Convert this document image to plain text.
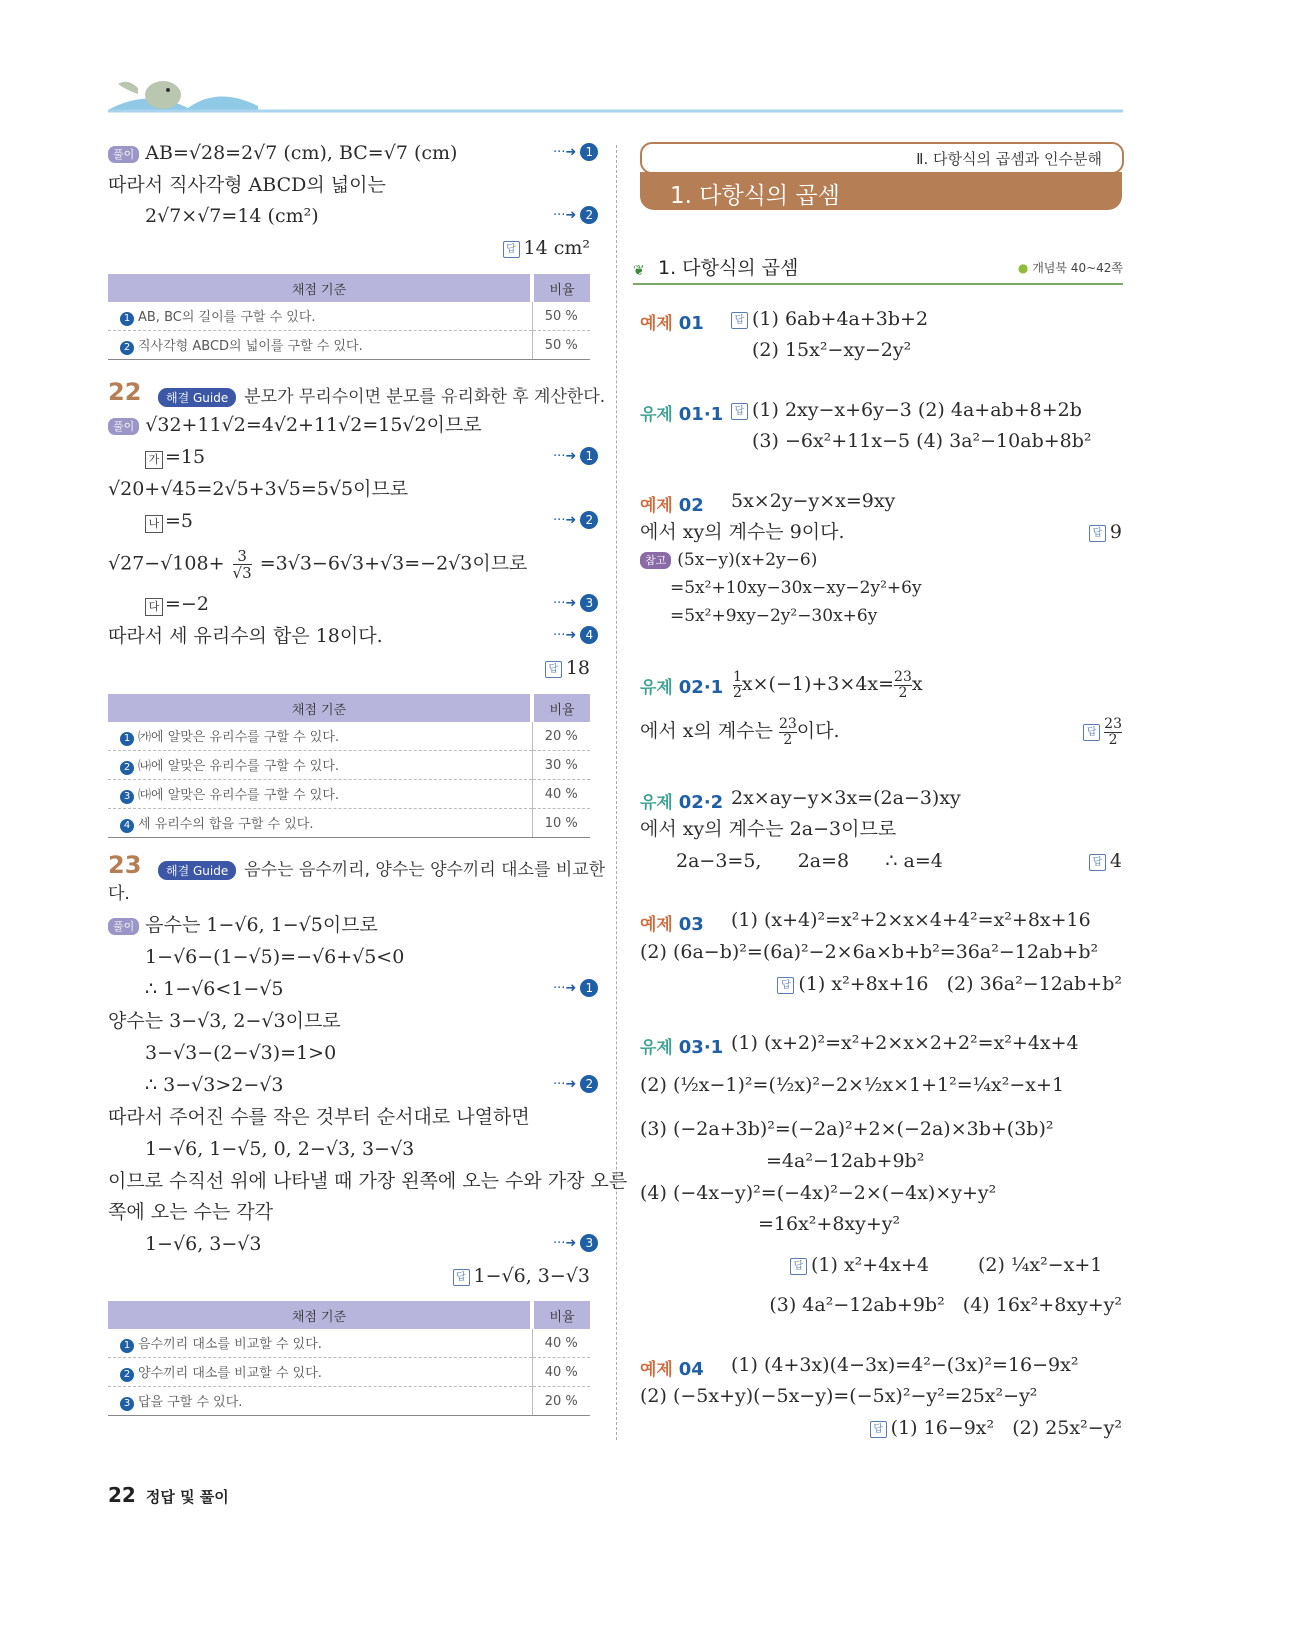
풀이 AB=√28=2√7 (cm), BC=√7 (cm)	···➜ 1
따라서 직사각형 ABCD의 넓이는
2√7×√7=14 (cm²)	···➜ 2
답 14 cm²
채점 기준	비율
1 AB, BC의 길이를 구할 수 있다.	50 %
2 직사각형 ABCD의 넓이를 구할 수 있다.	50 %
22	해결 Guide 분모가 무리수이면 분모를 유리화한 후 계산한다.
풀이 √32+11√2=4√2+11√2=15√2이므로
가 =15	···➜ 1
√20+√45=2√5+3√5=5√5이므로
나 =5	···➜ 2
$√27-√108+ \frac{3}{√3} =3√3-6√3+√3=-2√3$이므로
다 =−2	···➜ 3
따라서 세 유리수의 합은 18이다.	···➜ 4
답 18
채점 기준	비율
1 ㈎에 알맞은 유리수를 구할 수 있다.	20 %
2 ㈏에 알맞은 유리수를 구할 수 있다.	30 %
3 ㈐에 알맞은 유리수를 구할 수 있다.	40 %
4 세 유리수의 합을 구할 수 있다.	10 %
23	해결 Guide 음수는 음수끼리, 양수는 양수끼리 대소를 비교한
다.
풀이 음수는 1−√6, 1−√5이므로
1−√6−(1−√5)=−√6+√5<0
∴ 1−√6<1−√5	···➜ 1
양수는 3−√3, 2−√3이므로
3−√3−(2−√3)=1>0
∴ 3−√3>2−√3	···➜ 2
따라서 주어진 수를 작은 것부터 순서대로 나열하면
1−√6, 1−√5, 0, 2−√3, 3−√3
이므로 수직선 위에 나타낼 때 가장 왼쪽에 오는 수와 가장 오른
쪽에 오는 수는 각각
1−√6, 3−√3	···➜ 3
답 1−√6, 3−√3
채점 기준	비율
1 음수끼리 대소를 비교할 수 있다.	40 %
2 양수끼리 대소를 비교할 수 있다.	40 %
3 답을 구할 수 있다.	20 %
Ⅱ. 다항식의 곱셈과 인수분해
1. 다항식의 곱셈
❦ 1. 다항식의 곱셈	● 개념북 40~42쪽
예제 01	답 (1) 6ab+4a+3b+2
(2) 15x²−xy−2y²
유제 01·1	답 (1) 2xy−x+6y−3 (2) 4a+ab+8+2b
(3) −6x²+11x−5 (4) 3a²−10ab+8b²
예제 02 5x×2y−y×x=9xy
에서 xy의 계수는 9이다.	답 9
참고 (5x−y)(x+2y−6)
=5x²+10xy−30x−xy−2y²+6y
=5x²+9xy−2y²−30x+6y
유제 $02\cdot 1 \frac{1}{2} x\times(-1)+3\times 4x= \frac{23}{2}$ x
에서 x의 계수는 $\frac{23}{2}$ 이다.	답 $\frac{23}{2}$
유제 02·2 2x×ay−y×3x=(2a−3)xy
에서 xy의 계수는 2a−3이므로
2a−3=5,      2a=8      ∴ a=4	답 4
예제 03 (1) (x+4)²=x²+2×x×4+4²=x²+8x+16
(2) (6a−b)²=(6a)²−2×6a×b+b²=36a²−12ab+b²
답 (1) x²+8x+16   (2) 36a²−12ab+b²
유제 03·1 (1) (x+2)²=x²+2×x×2+2²=x²+4x+4
(2) (½x−1)²=(½x)²−2×½x×1+1²=¼x²−x+1
(3) (−2a+3b)²=(−2a)²+2×(−2a)×3b+(3b)²
=4a²−12ab+9b²
(4) (−4x−y)²=(−4x)²−2×(−4x)×y+y²
=16x²+8xy+y²
답 (1) x²+4x+4	(2) ¼x²−x+1
(3) 4a²−12ab+9b²   (4) 16x²+8xy+y²
예제 04 (1) (4+3x)(4−3x)=4²−(3x)²=16−9x²
(2) (−5x+y)(−5x−y)=(−5x)²−y²=25x²−y²
답 (1) 16−9x²   (2) 25x²−y²
22 정답 및 풀이
